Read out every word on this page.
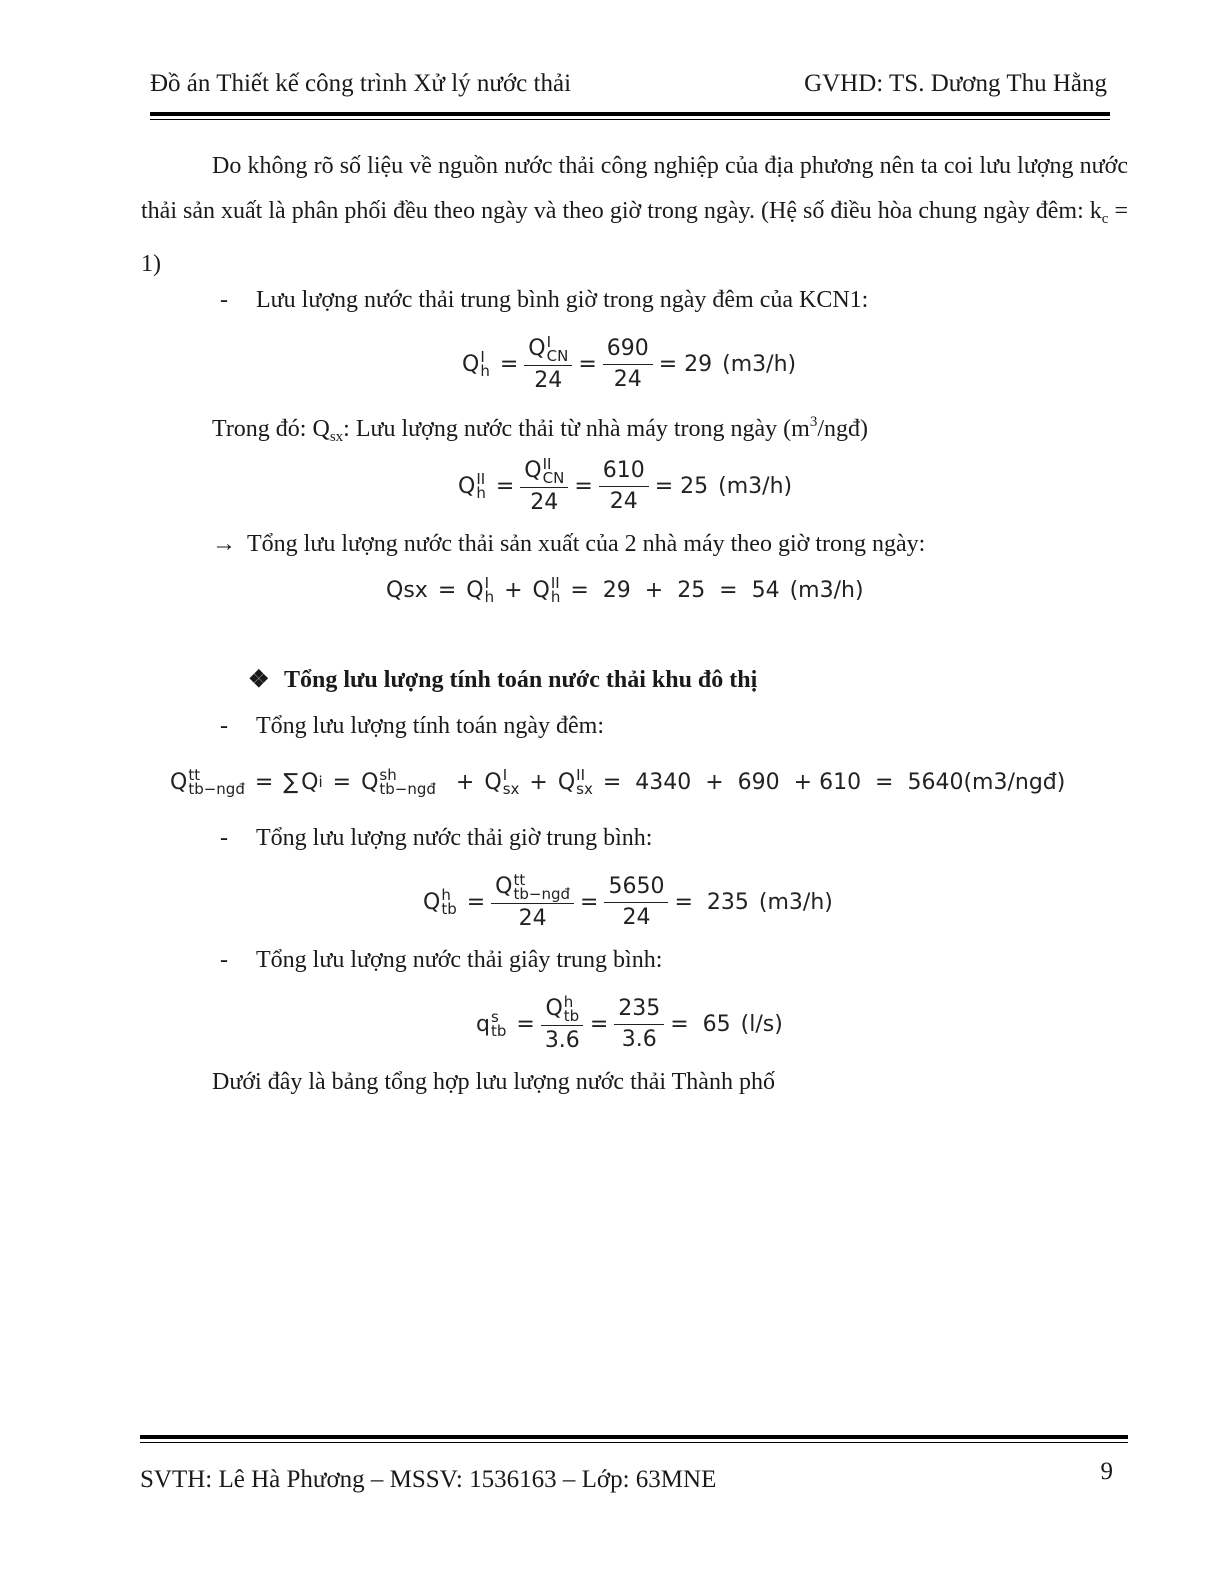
Đồ án Thiết kế công trình Xử lý nước thải	GVHD: TS. Dương Thu Hằng
Do không rõ số liệu về nguồn nước thải công nghiệp của địa phương nên ta coi lưu lượng nước thải sản xuất là phân phối đều theo ngày và theo giờ trong ngày. (Hệ số điều hòa chung ngày đêm: $k_c = 1$)
- Lưu lượng nước thải trung bình giờ trong ngày đêm của KCN1:
Q I
h = Q I
CN
$24 = \frac{690}{24} = 29$ (m3/h)
Trong đó: $Q_{sx}$: Lưu lượng nước thải từ nhà máy trong ngày $(m^3/ngđ)$
Q II
h = Q II
CN
$24 = \frac{610}{24} = 25$ (m3/h)
→ Tổng lưu lượng nước thải sản xuất của 2 nhà máy theo giờ trong ngày:
Qsx = Q I
h + Q II
h =  29  +  25  =  54 (m3/h)
❖ Tổng lưu lượng tính toán nước thải khu đô thị
- Tổng lưu lượng tính toán ngày đêm:
Q tt
tb−ngđ = ∑ Q i = Q sh
tb−ngđ + Q I
sx + Q II
sx =  4340  +  690  + 610  =  5640 (m3/ngđ)
- Tổng lưu lượng nước thải giờ trung bình:
Q h
tb = Q tt
tb−ngđ
$24 = \frac{5650}{24} = 235$ (m3/h)
- Tổng lưu lượng nước thải giây trung bình:
q s
tb = Q h
tb
$3.6 = \frac{235}{3.6} = 65$ (l/s)
Dưới đây là bảng tổng hợp lưu lượng nước thải Thành phố
SVTH: Lê Hà Phương – MSSV: 1536163 – Lớp: 63MNE	9
